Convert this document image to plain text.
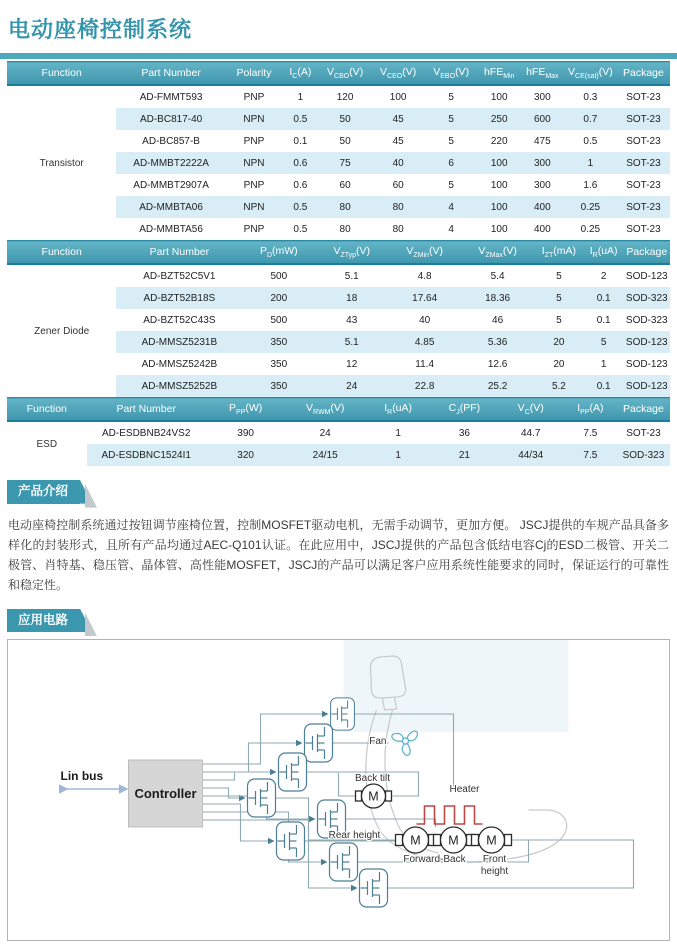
电动座椅控制系统
Function	Part Number	Polarity	$I_C(A)$	$V_{CBO}(V)$	$V_{CEO}(V)$	$V_{EBO}(V)$	hFE$_{Min}$	hFE$_{Max}$	$V_{CE(sat)}(V)$	Package
Transistor	AD-FMMT593	PNP	1	120	100	5	100	300	0.3	SOT-23
	AD-BC817-40	NPN	0.5	50	45	5	250	600	0.7	SOT-23
	AD-BC857-B	PNP	0.1	50	45	5	220	475	0.5	SOT-23
	AD-MMBT2222A	NPN	0.6	75	40	6	100	300	1	SOT-23
	AD-MMBT2907A	PNP	0.6	60	60	5	100	300	1.6	SOT-23
	AD-MMBTA06	NPN	0.5	80	80	4	100	400	0.25	SOT-23
	AD-MMBTA56	PNP	0.5	80	80	4	100	400	0.25	SOT-23
Function	Part Number	$P_D(mW)$	$V_{ZTyp}(V)$	$V_{ZMin}(V)$	$V_{ZMax}(V)$	$I_{ZT}(mA)$	$I_R(uA)$	Package
Zener Diode	AD-BZT52C5V1	500	5.1	4.8	5.4	5	2	SOD-123
	AD-BZT52B18S	200	18	17.64	18.36	5	0.1	SOD-323
	AD-BZT52C43S	500	43	40	46	5	0.1	SOD-323
	AD-MMSZ5231B	350	5.1	4.85	5.36	20	5	SOD-123
	AD-MMSZ5242B	350	12	11.4	12.6	20	1	SOD-123
	AD-MMSZ5252B	350	24	22.8	25.2	5.2	0.1	SOD-123
Function	Part Number	$P_{PP}(W)$	$V_{RWM}(V)$	$I_R(uA)$	$C_J(PF)$	$V_C(V)$	$I_{PP}(A)$	Package
ESD	AD-ESDBNB24VS2	390	24	1	36	44.7	7.5	SOT-23
	AD-ESDBNC1524I1	320	24/15	1	21	44/34	7.5	SOD-323
产品介绍
电动座椅控制系统通过按钮调节座椅位置，控制MOSFET驱动电机，无需手动调节，更加方便。 JSCJ提供的车规产品具备多样化的封装形式，且所有产品均通过AEC-Q101认证。在此应用中，JSCJ提供的产品包含低结电容Cj的ESD二极管、开关二极管、肖特基、稳压管、晶体管、高性能MOSFET，JSCJ的产品可以满足客户应用系统性能要求的同时，保证运行的可靠性和稳定性。
应用电路
Lin bus
Controller	M
M M M
Fan
Back tilt
Heater
Rear height
Forward-Back Front
height
